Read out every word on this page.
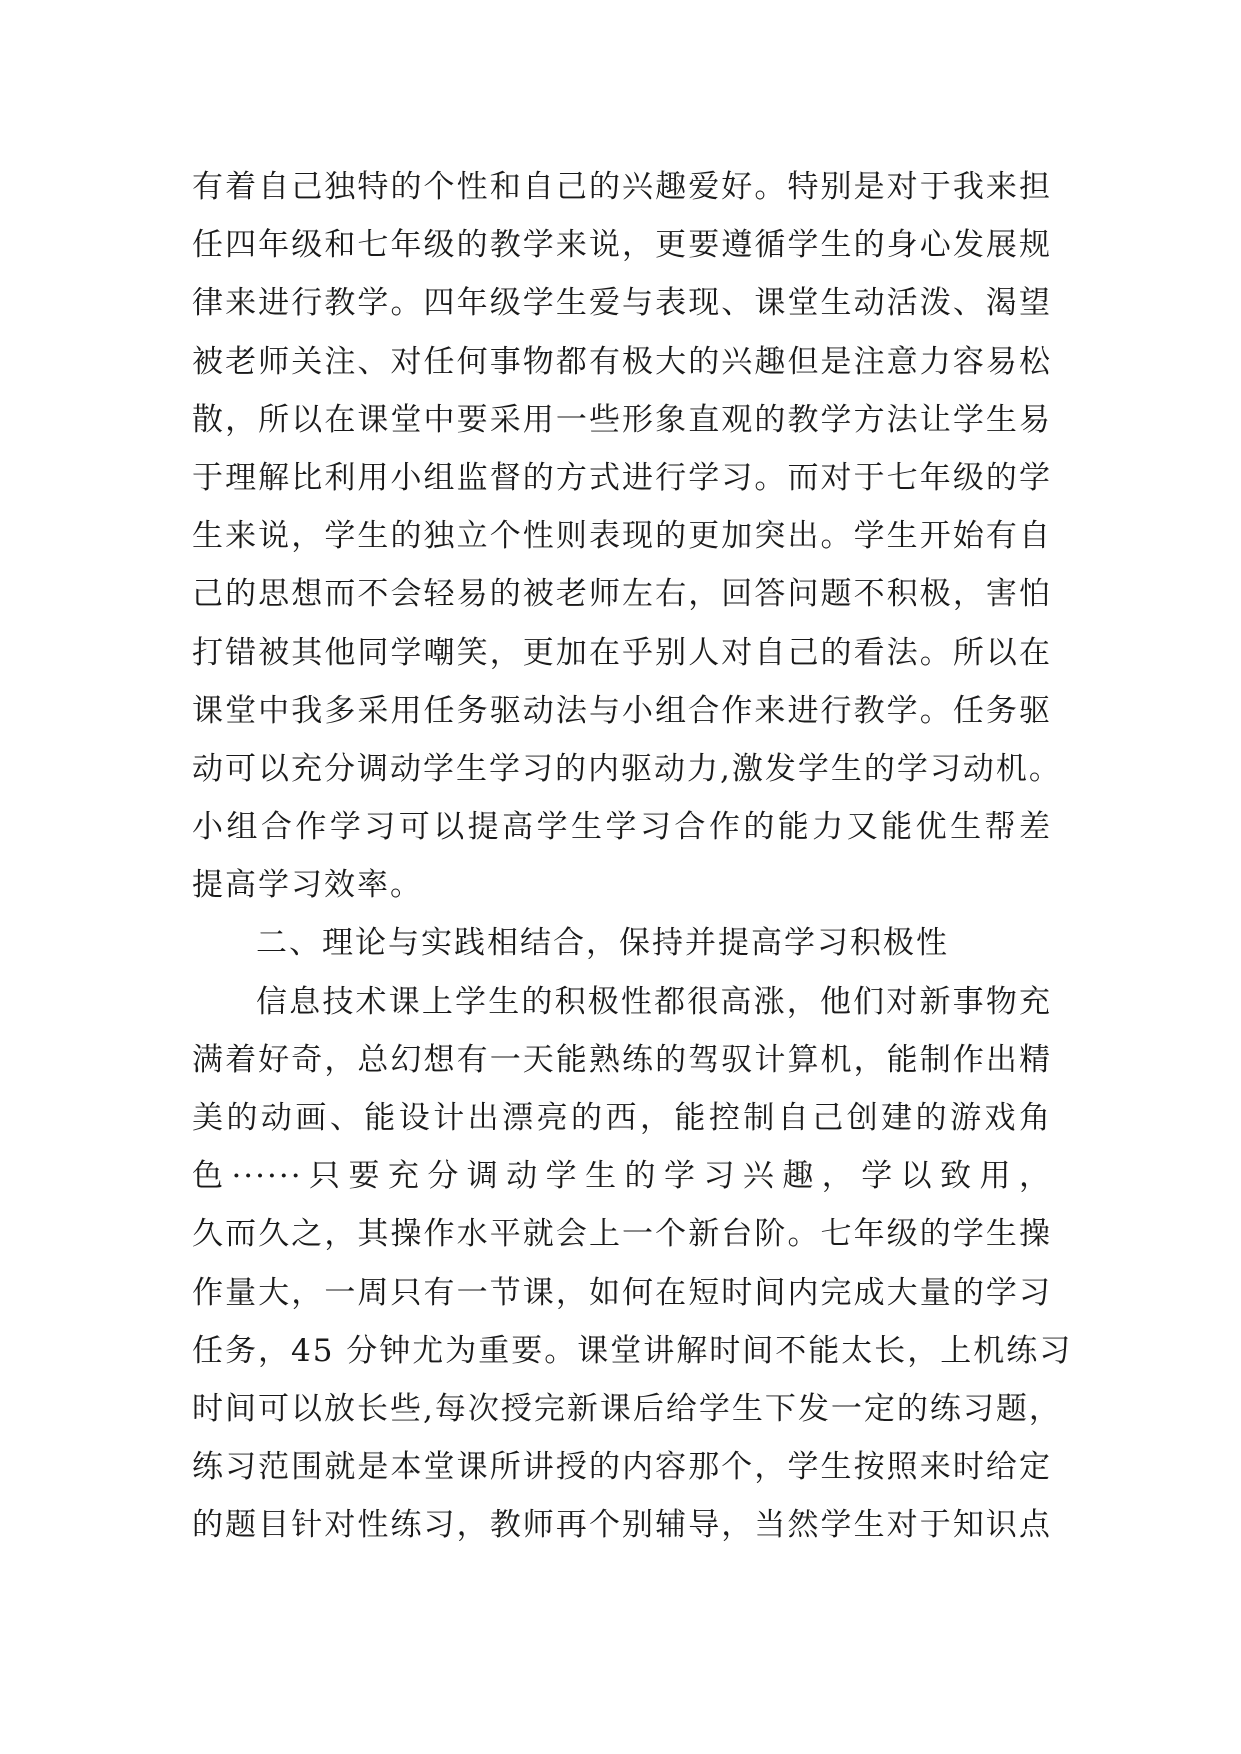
有着自己独特的个性和自己的兴趣爱好。特别是对于我来担
任四年级和七年级的教学来说，更要遵循学生的身心发展规
律来进行教学。四年级学生爱与表现、课堂生动活泼、渴望
被老师关注、对任何事物都有极大的兴趣但是注意力容易松
散，所以在课堂中要采用一些形象直观的教学方法让学生易
于理解比利用小组监督的方式进行学习。而对于七年级的学
生来说，学生的独立个性则表现的更加突出。学生开始有自
己的思想而不会轻易的被老师左右，回答问题不积极，害怕
打错被其他同学嘲笑，更加在乎别人对自己的看法。所以在
课堂中我多采用任务驱动法与小组合作来进行教学。任务驱
动可以充分调动学生学习的内驱动力,激发学生的学习动机。
小组合作学习可以提高学生学习合作的能力又能优生帮差
提高学习效率。
二、理论与实践相结合，保持并提高学习积极性
信息技术课上学生的积极性都很高涨，他们对新事物充
满着好奇，总幻想有一天能熟练的驾驭计算机，能制作出精
美的动画、能设计出漂亮的西，能控制自己创建的游戏角
色······只要充分调动学生的学习兴趣，学以致用，
久而久之，其操作水平就会上一个新台阶。七年级的学生操
作量大，一周只有一节课，如何在短时间内完成大量的学习
任务，45 分钟尤为重要。课堂讲解时间不能太长，上机练习
时间可以放长些,每次授完新课后给学生下发一定的练习题，
练习范围就是本堂课所讲授的内容那个，学生按照来时给定
的题目针对性练习，教师再个别辅导，当然学生对于知识点
